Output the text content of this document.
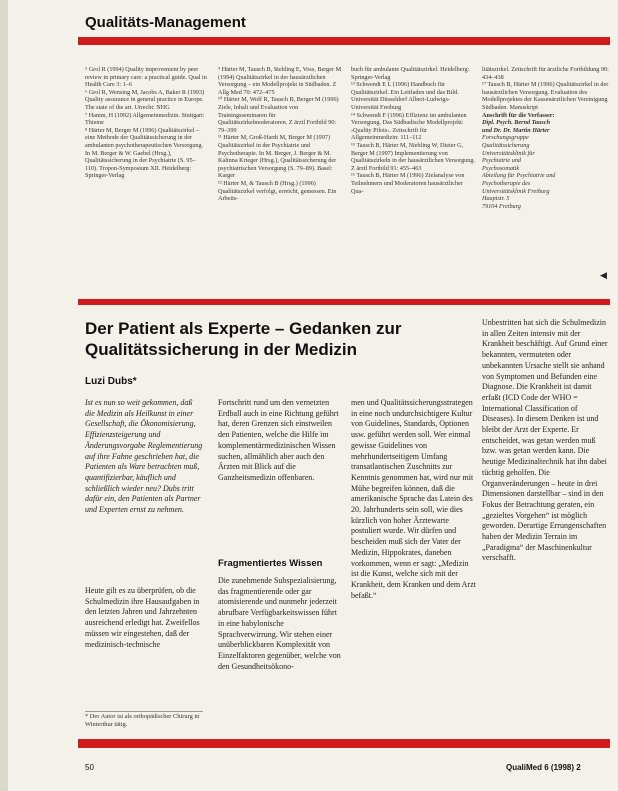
Qualitäts-Management

⁵ Grol R (1994) Quality improvement by peer review in primary care: a practical guide. Qual in Health Care 3: 1–6

⁶ Grol R, Wensing M, Jacobs A, Baker R (1993) Quality assurance in general practice in Europe. The state of the art. Utrecht: NHG

⁷ Hamm, H (1992) Allgemeinmedizin. Stuttgart: Thieme

⁸ Härter M, Berger M (1996) Qualitätszirkel – eine Methode der Qualitätssicherung in der ambulanten psychotherapeutischen Versorgung. In M. Berger & W. Gaebel (Hrsg.), Qualitätssicherung in der Psychiatrie (S. 95–110). Tropon-Symposium XII. Heidelberg: Springer-Verlag

⁹ Härter M, Tausch B, Stehling E, Voss, Berger M (1994) Qualitätszirkel in der hausärztlichen Versorgung – ein Modellprojekt in Südbaden. Z Allg Med 70: 472–475

¹⁰ Härter M, Wolf R, Tausch B, Berger M (1996) Ziele, Inhalt und Evaluation von Trainingsseminaren für Qualitätszirkelmoderatoren. Z ärztl Fortbild 90: 79–399

¹¹ Härter M, Groß-Hardt M, Berger M (1997) Qualitätszirkel in der Psychiatrie und Psychotherapie. In M. Berger, J. Berger & M. Kalinna Krieger (Hrsg.), Qualitätssicherung der psychiatrischen Versorgung (S. 79–89). Basel: Karger

¹² Härter M, & Tausch B (Hrsg.) (1996) Qualitätszirkel verfolgt, erreicht, gemessen. Ein Arbeits-

buch für ambulante Qualitätszirkel. Heidelberg: Springer-Verlag

¹³ Schwendt E L (1996) Handbuch für Qualitätszirkel. Ein Leitfaden und das Bild. Universität Düsseldorf Albert-Ludwigs-Universität Freiburg

¹⁴ Schwendt F (1996) Effizienz im ambulanten Versorgung. Das Südbadische Modellprojekt: ›Quality Pilots‹. Zeitschrift für Allgemeinmedizin: 111–112

¹⁵ Tausch B, Härter M, Niebling W, Dieter G, Berger M (1997) Implementierung von Qualitätszirkeln in der hausärztlichen Versorgung. Z ärztl Fortbild 91: 455–463

¹⁶ Tausch B, Härter M (1996) Zielanalyse von Teilnehmern und Moderatoren hausärztlicher Qua-

litätszirkel. Zeitschrift für ärztliche Fortbildung 90: 434–438

¹⁷ Tausch B, Härter M (1996) Qualitätszirkel in der hausärztlichen Versorgung. Evaluation des Modellprojektes der Kassenärztlichen Vereinigung Südbaden. Manuskript

Anschrift für die Verfasser:
Dipl. Psych. Bernd Tausch
und Dr. Dr. Martin Härter
Forschungsgruppe
Qualitätssicherung
Universitätsklinik für
Psychiatrie und
Psychosomatik
Abteilung für Psychiatrie und
Psychotherapie des
Universitätsklinik Freiburg
Hauptstr. 5
79104 Freiburg
◀
Der Patient als Experte – Gedanken zur Qualitätssicherung in der Medizin
Luzi Dubs*
Ist es nun so weit gekommen, daß die Medizin als Heilkunst in einer Gesellschaft, die Ökonomisierung, Effizienzsteigerung und Änderungsvorgabe Reglementierung auf ihre Fahne geschrieben hat, die Patienten als Ware betrachten muß, quantifizierbar, käuflich und schließlich wieder neu? Dubs tritt dafür ein, den Patienten als Partner und Experten ernst zu nehmen.
Heute gilt es zu überprüfen, ob die Schulmedizin ihre Hausaufgaben in den letzten Jahren und Jahrzehnten ausreichend erledigt hat. Zweifellos müssen wir eingestehen, daß der medizinisch-technische
* Der Autor ist als orthopädischer Chirurg in Winterthur tätig.
Fortschritt rund um den vernetzten Erdball auch in eine Richtung geführt hat, deren Grenzen sich einstweilen den Patienten, welche die Hilfe im komplementärmedizinischen Wissen suchen, allmählich aber auch den Ärzten mit Blick auf die Ganzheitsmedizin offenbaren.
Fragmentiertes Wissen
Die zunehmende Subspezialisierung, das fragmentierende oder gar atomisierende und nunmehr jederzeit abrufbare Verfügbarkeitswissen führt in eine babylonische Sprachverwirrung. Wir stehen einer unüberblickbaren Komplexität von Einzelfaktoren gegenüber, welche von den Gesundheitsökono-
men und Qualitätssicherungsstrategen in eine noch undurchsichtigere Kultur von Guidelines, Standards, Optionen usw. geführt werden soll. Wer einmal gewisse Guidelines von mehrhundertseitigem Umfang transatlantischen Zuschnitts zur Kenntnis genommen hat, wird nur mit Mühe begreifen können, daß die amerikanische Sprache das Latein des 20. Jahrhunderts sein soll, wie dies kürzlich von hoher Ärztewarte postuliert wurde. Wir dürfen und bescheiden muß sich der Vater der Medizin, Hippokrates, daneben vorkommen, wenn er sagt: „Medizin ist die Kunst, welche sich mit der Krankheit, dem Kranken und dem Arzt befaßt.“
Unbestritten hat sich die Schulmedizin in allen Zeiten intensiv mit der Krankheit beschäftigt. Auf Grund einer bekannten, vermuteten oder unbekannten Ursache stellt sie anhand von Symptomen und Befunden eine Diagnose. Die Krankheit ist damit erfaßt (ICD Code der WHO = International Classification of Diseases). In diesem Denken ist und bleibt der Arzt der Experte. Er entscheidet, was getan werden muß bzw. was getan werden kann. Die heutige Medizinaltechnik hat ihn dabei tüchtig geholfen. Die Organveränderungen – heute in drei Dimensionen darstellbar – sind in den Fokus der Betrachtung geraten, ein „gezieltes Vorgehen“ ist möglich geworden. Derartige Errungenschaften haben der Medizin Terrain im „Paradigma“ der Maschinenkultur verschafft.
50	QualiMed 6 (1998) 2
